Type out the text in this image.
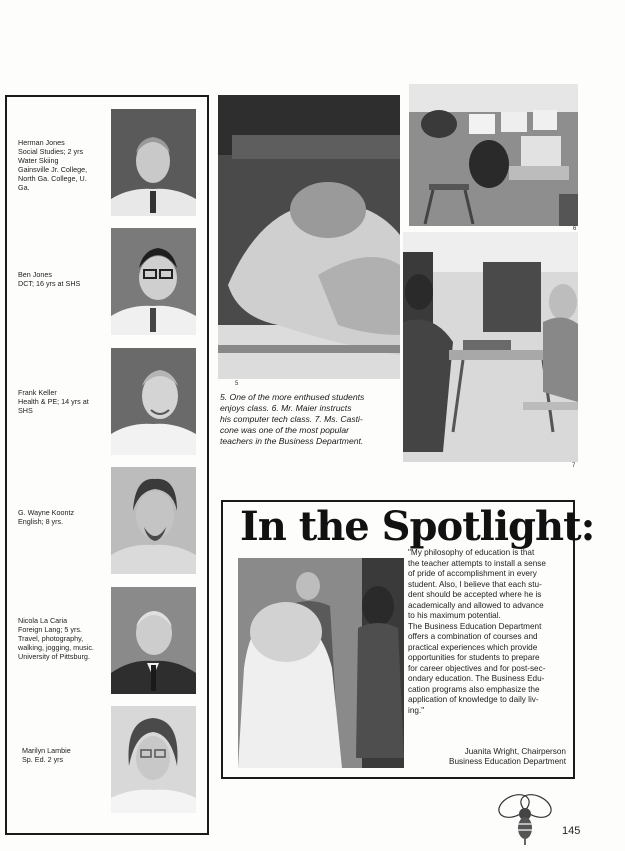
Herman Jones
Social Studies; 2 yrs
Water Skiing
Gainsville Jr. College,
North Ga. College, U.
Ga.
Ben Jones
DCT; 16 yrs at SHS
Frank Keller
Health & PE; 14 yrs at
SHS
G. Wayne Koontz
English; 8 yrs.
Nicola La Caria
Foreign Lang; 5 yrs.
Travel, photography,
walking, jogging, music.
University of Pittsburg.
Marilyn Lambie
Sp. Ed. 2 yrs
5
6
7
5. One of the more enthused students
enjoys class. 6. Mr. Maier instructs
his computer tech class. 7. Ms. Casti-
cone was one of the most popular
teachers in the Business Department.
In the Spotlight:

"My philosophy of education is that

the teacher attempts to install a sense

of pride of accomplishment in every

student. Also, I believe that each stu-

dent should be accepted where he is

academically and allowed to advance

to his maximum potential.

The Business Education Department

offers a combination of courses and

practical experiences which provide

opportunities for students to prepare

for career objectives and for post-sec-

ondary education. The Business Edu-

cation programs also emphasize the

application of knowledge to daily liv-

ing."

Juanita Wright, Chairperson
Business Education Department
145
